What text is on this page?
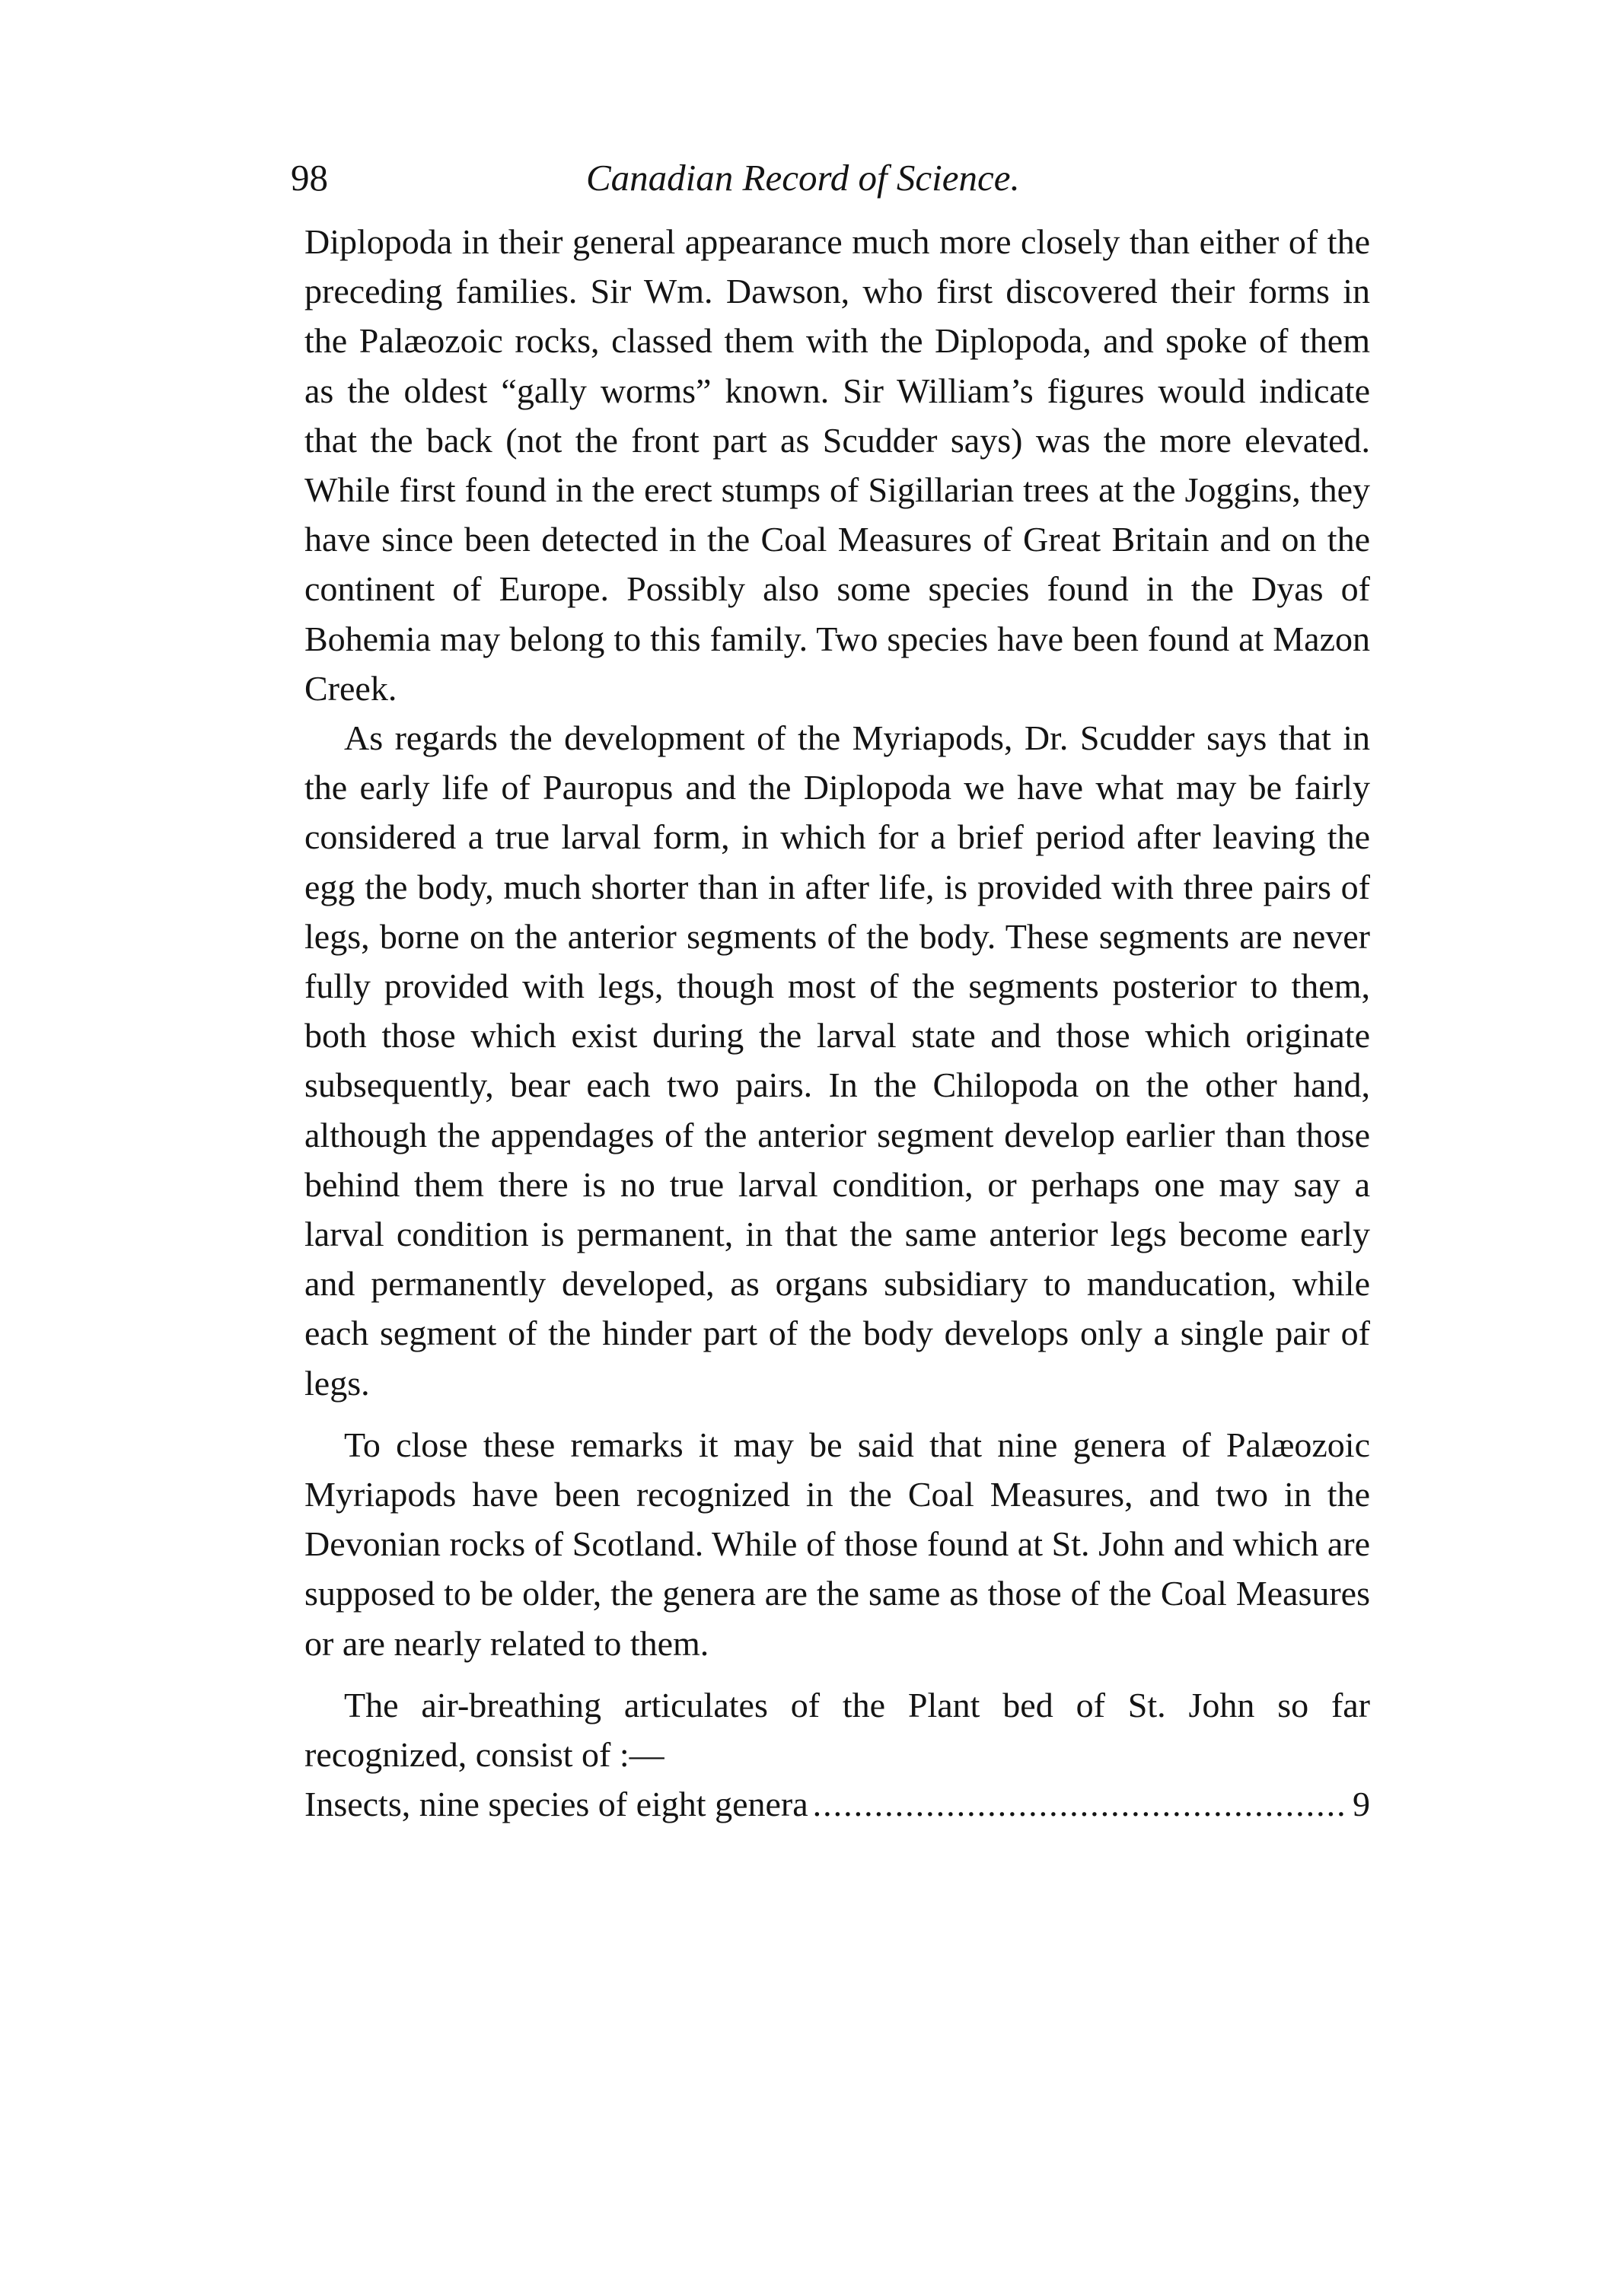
98	Canadian Record of Science.

Diplopoda in their general appearance much more closely than either of the preceding families. Sir Wm. Dawson, who first discovered their forms in the Palæozoic rocks, classed them with the Diplopoda, and spoke of them as the oldest “gally worms” known. Sir William’s figures would indicate that the back (not the front part as Scudder says) was the more elevated. While first found in the erect stumps of Sigillarian trees at the Joggins, they have since been detected in the Coal Measures of Great Britain and on the continent of Europe. Possibly also some species found in the Dyas of Bohemia may belong to this family. Two species have been found at Mazon Creek.

As regards the development of the Myriapods, Dr. Scudder says that in the early life of Pauropus and the Diplopoda we have what may be fairly considered a true larval form, in which for a brief period after leaving the egg the body, much shorter than in after life, is provided with three pairs of legs, borne on the anterior segments of the body. These segments are never fully provided with legs, though most of the segments posterior to them, both those which exist during the larval state and those which originate subsequently, bear each two pairs. In the Chilopoda on the other hand, although the appendages of the anterior segment develop earlier than those behind them there is no true larval condition, or perhaps one may say a larval condition is permanent, in that the same anterior legs become early and permanently developed, as organs subsidiary to manducation, while each segment of the hinder part of the body develops only a single pair of legs.

To close these remarks it may be said that nine genera of Palæozoic Myriapods have been recognized in the Coal Measures, and two in the Devonian rocks of Scotland. While of those found at St. John and which are supposed to be older, the genera are the same as those of the Coal Measures or are nearly related to them.

The air-breathing articulates of the Plant bed of St. John so far recognized, consist of :—

Insects, nine species of eight genera
.....	9
